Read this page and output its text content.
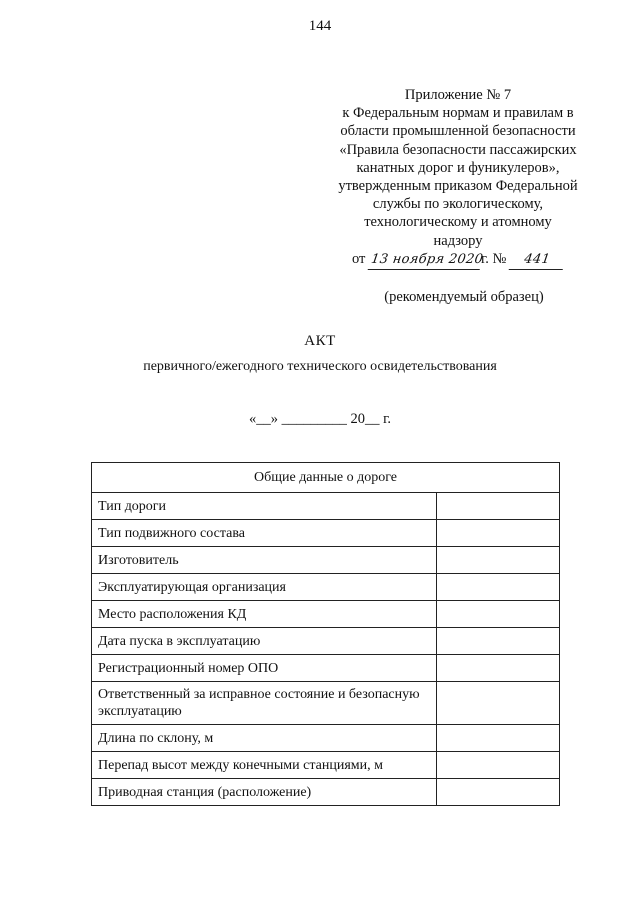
144
Приложение № 7
к Федеральным нормам и правилам в
области промышленной безопасности
«Правила безопасности пассажирских
канатных дорог и фуникулеров»,
утвержденным приказом Федеральной
службы по экологическому,
технологическому и атомному
надзору
от 13 ноября 2020г. № 441
(рекомендуемый образец)
АКТ
первичного/ежегодного технического освидетельствования
«__» _________ 20__ г.
Общие данные о дороге	
Тип дороги	
Тип подвижного состава	
Изготовитель	
Эксплуатирующая организация	
Место расположения КД	
Дата пуска в эксплуатацию	
Регистрационный номер ОПО	
Ответственный за исправное состояние и безопасную эксплуатацию	
Длина по склону, м	
Перепад высот между конечными станциями, м	
Приводная станция (расположение)	
